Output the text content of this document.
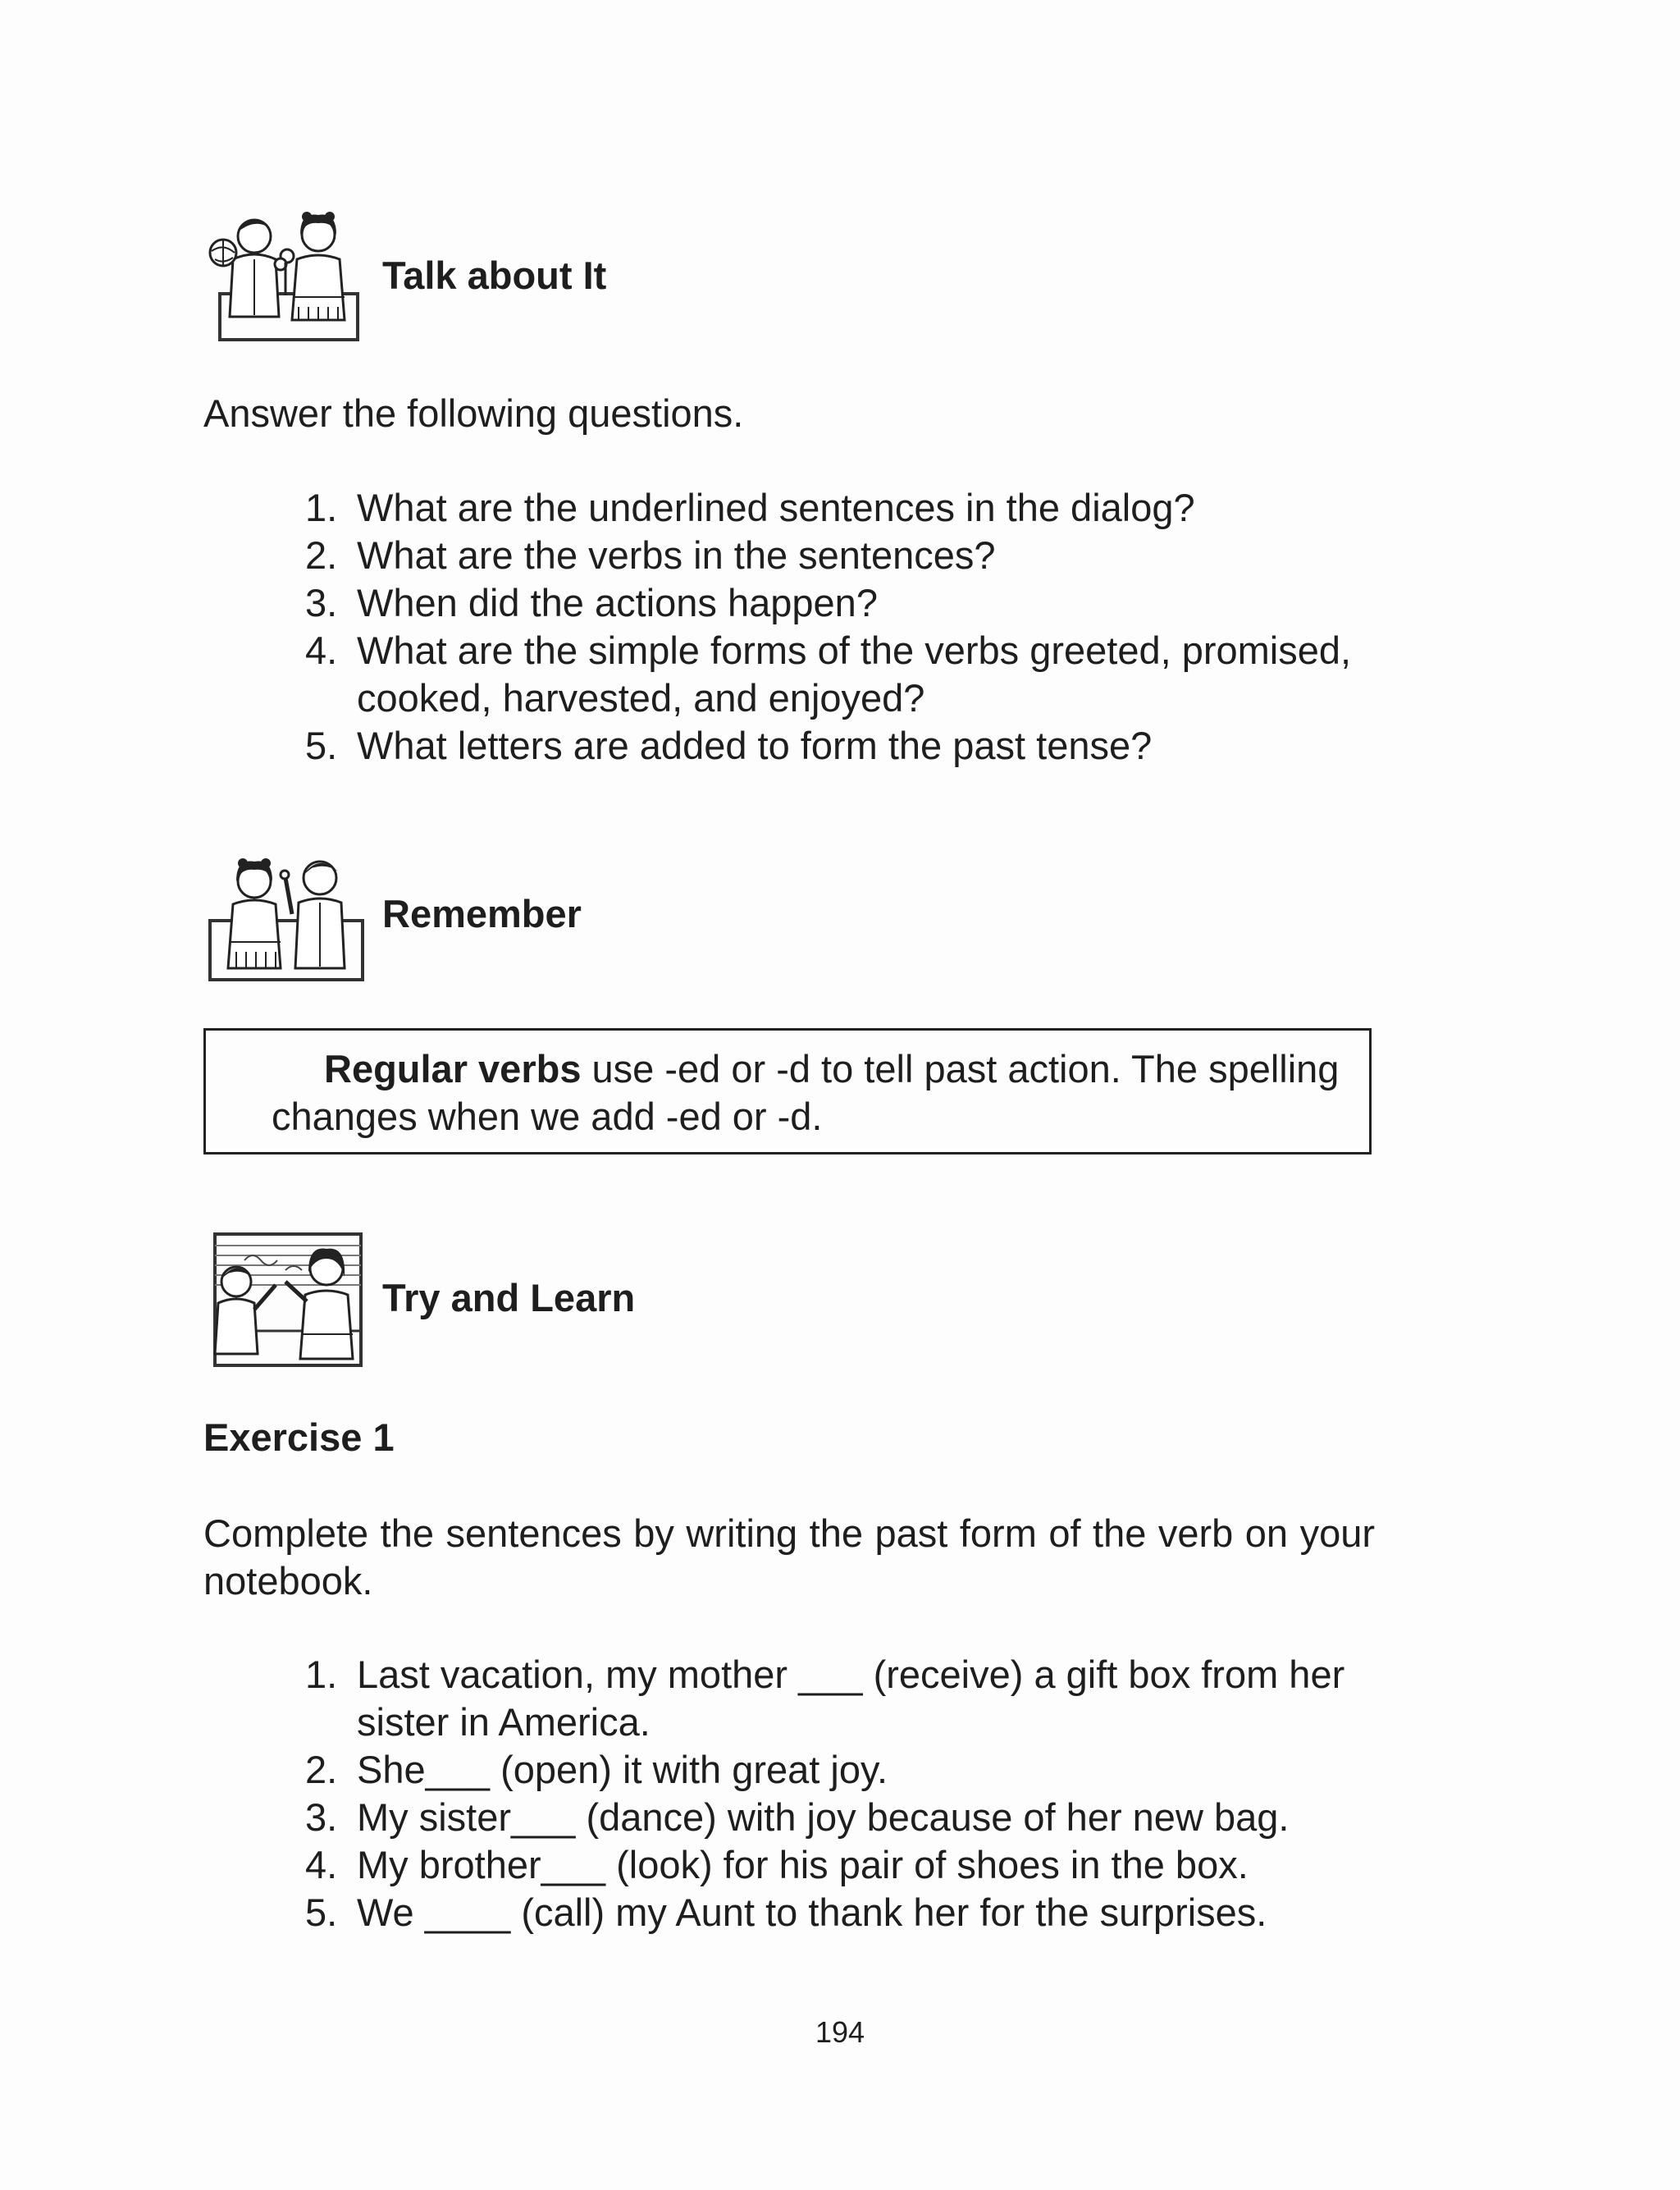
Talk about It
Answer the following questions.
1. What are the underlined sentences in the dialog?
2. What are the verbs in the sentences?
3. When did the actions happen?
4. What are the simple forms of the verbs greeted, promised, cooked, harvested, and enjoyed?
5. What letters are added to form the past tense?
Remember
Regular verbs use -ed or -d to tell past action. The spelling changes when we add -ed or -d.
Try and Learn
Exercise 1
Complete the sentences by writing the past form of the verb on your notebook.
1. Last vacation, my mother ___ (receive) a gift box from her sister in America.
2. She___ (open) it with great joy.
3. My sister___ (dance) with joy because of her new bag.
4. My brother___ (look) for his pair of shoes in the box.
5. We ____ (call) my Aunt to thank her for the surprises.
194
